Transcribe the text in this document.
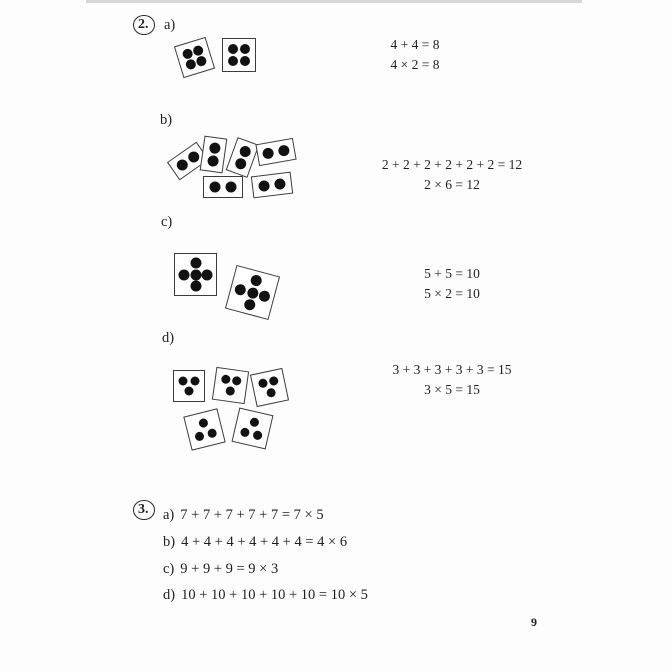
2.	a)
b)
c)
d)
4 + 4 = 8
4 × 2 = 8
2 + 2 + 2 + 2 + 2 + 2 = 12
2 × 6 = 12
5 + 5 = 10
5 × 2 = 10
3 + 3 + 3 + 3 + 3 = 15
3 × 5 = 15
3. a) 7 + 7 + 7 + 7 + 7 = 7 × 5
b) 4 + 4 + 4 + 4 + 4 + 4 = 4 × 6
c) 9 + 9 + 9 = 9 × 3
d) 10 + 10 + 10 + 10 + 10 = 10 × 5
9
